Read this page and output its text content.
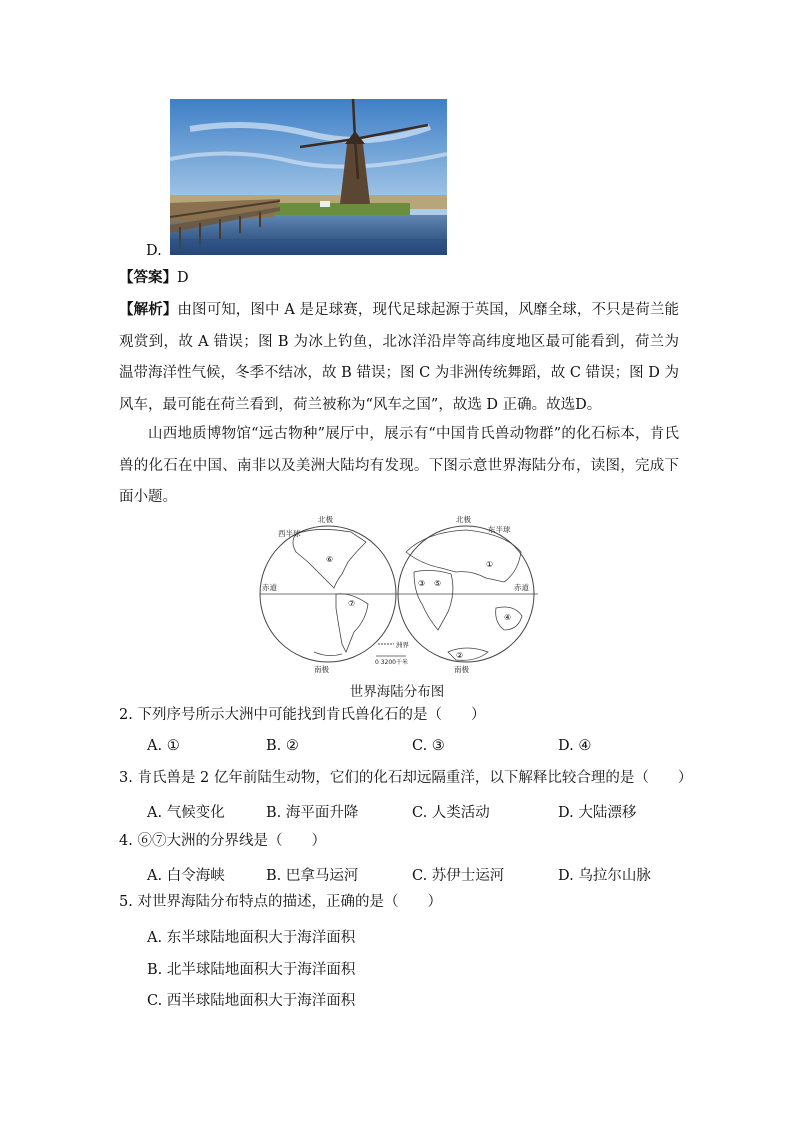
D.
【答案】D
【解析】由图可知，图中 A 是足球赛，现代足球起源于英国，风靡全球，不只是荷兰能观赏到，故 A 错误；图 B 为冰上钓鱼，北冰洋沿岸等高纬度地区最可能看到，荷兰为温带海洋性气候，冬季不结冰，故 B 错误；图 C 为非洲传统舞蹈，故 C 错误；图 D 为风车，最可能在荷兰看到，荷兰被称为“风车之国”，故选 D 正确。故选D。
山西地质博物馆“远古物种”展厅中，展示有“中国肯氏兽动物群”的化石标本，肯氏兽的化石在中国、南非以及美洲大陆均有发现。下图示意世界海陆分布，读图，完成下面小题。
北极	北极
西半球	东半球
赤道	赤道
南极	南极
①
②
③
④
⑤
⑥
⑦
洲界
0 3200千米
世界海陆分布图
2. 下列序号所示大洲中可能找到肯氏兽化石的是（　　）
A. ①	B. ②	C. ③	D. ④
3. 肯氏兽是 2 亿年前陆生动物，它们的化石却远隔重洋，以下解释比较合理的是（　　）
A. 气候变化	B. 海平面升降	C. 人类活动	D. 大陆漂移
4. ⑥⑦大洲的分界线是（　　）
A. 白令海峡	B. 巴拿马运河	C. 苏伊士运河	D. 乌拉尔山脉
5. 对世界海陆分布特点的描述，正确的是（　　）
A. 东半球陆地面积大于海洋面积
B. 北半球陆地面积大于海洋面积
C. 西半球陆地面积大于海洋面积
